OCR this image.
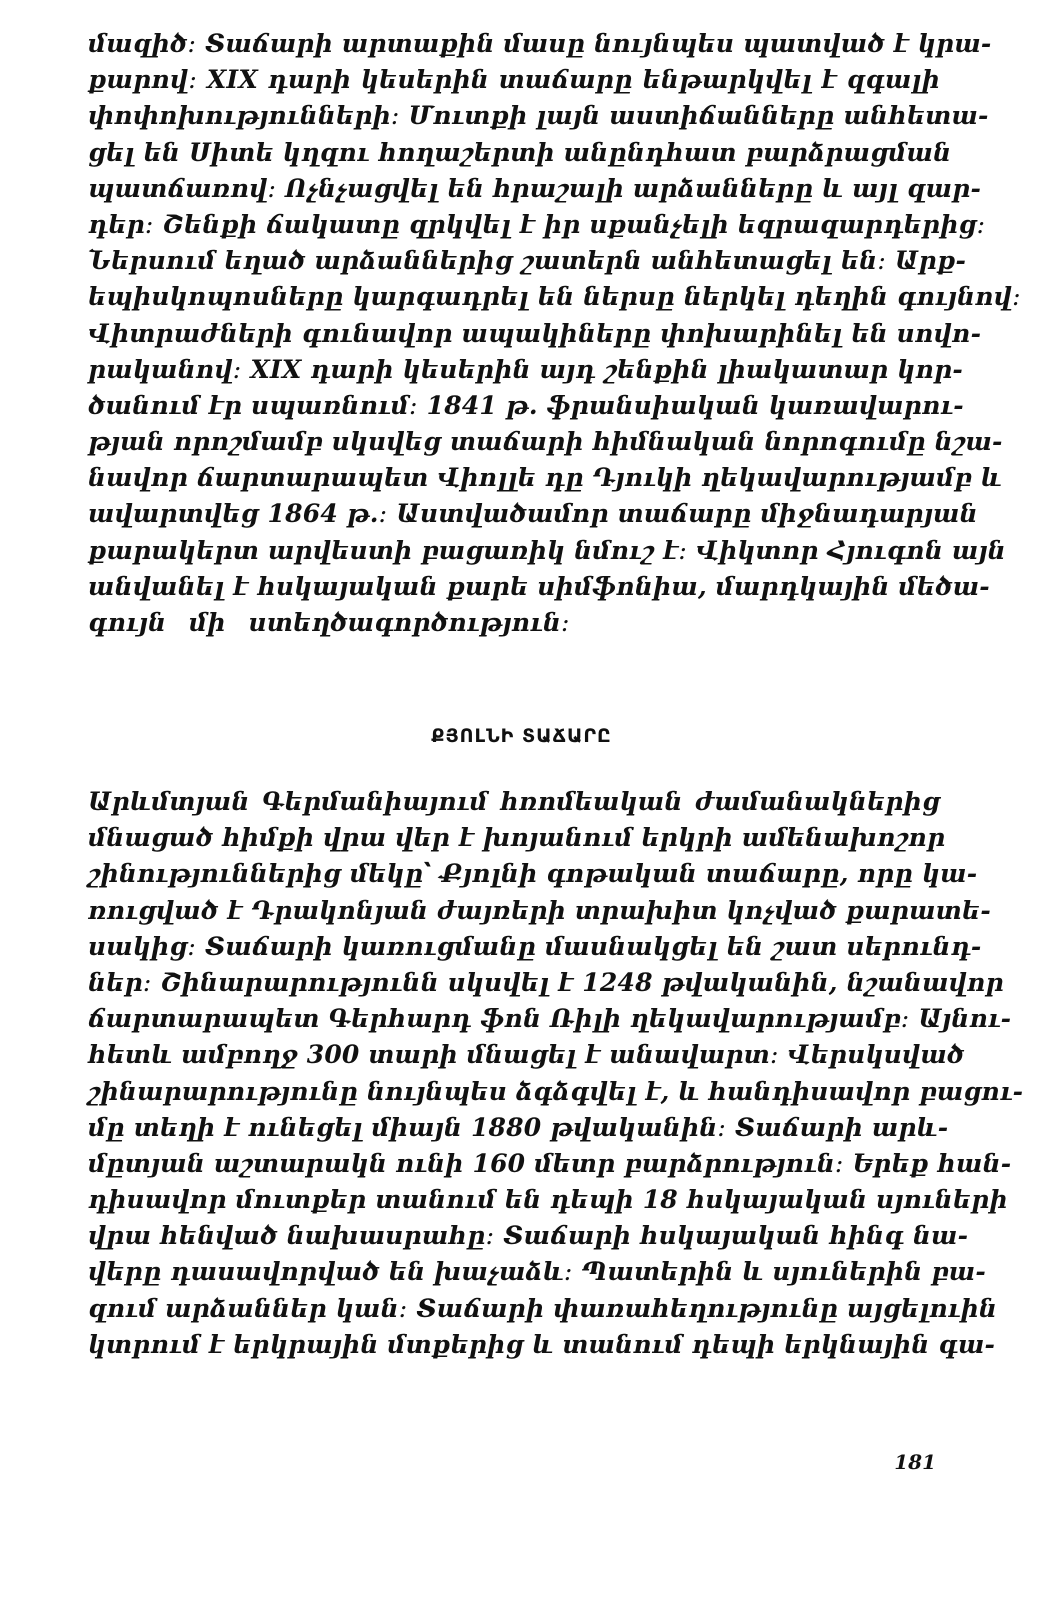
մազիծ։ Տաճարի արտաքին մասը նույնպես պատված է կրա-
քարով։ XIX դարի կեսերին տաճարը ենթարկվել է զգալի
փոփոխությունների։ Մուտքի լայն աստիճանները անհետա-
ցել են Սիտե կղզու հողաշերտի անընդհատ բարձրացման
պատճառով։ Ոչնչացվել են հրաշալի արձանները և այլ զար-
դեր։ Շենքի ճակատը զրկվել է իր սքանչելի եզրազարդերից։
Ներսում եղած արձաններից շատերն անհետացել են։ Արք-
եպիսկոպոսները կարգադրել են ներսը ներկել դեղին գույնով։
Վիտրաժների գունավոր ապակիները փոխարինել են սովո-
րականով։ XIX դարի կեսերին այդ շենքին լիակատար կոր-
ծանում էր սպառնում։ 1841 թ. ֆրանսիական կառավարու-
թյան որոշմամբ սկսվեց տաճարի հիմնական նորոգումը նշա-
նավոր ճարտարապետ Վիոլլե դը Դյուկի ղեկավարությամբ և
ավարտվեց 1864 թ.։ Աստվածամոր տաճարը միջնադարյան
քարակերտ արվեստի բացառիկ նմուշ է։ Վիկտոր Հյուգոն այն
անվանել է հսկայական քարե սիմֆոնիա, մարդկային մեծա-
գույն մի ստեղծագործություն։
ՔՅՈԼՆԻ ՏԱՃԱՐԸ
Արևմտյան Գերմանիայում հռոմեական ժամանակներից
մնացած հիմքի վրա վեր է խոյանում երկրի ամենախոշոր
շինություններից մեկը՝ Քյոլնի գոթական տաճարը, որը կա-
ռուցված է Դրակոնյան ժայռերի տրախիտ կոչված քարատե-
սակից։ Տաճարի կառուցմանը մասնակցել են շատ սերունդ-
ներ։ Շինարարությունն սկսվել է 1248 թվականին, նշանավոր
ճարտարապետ Գերհարդ ֆոն Ռիլի ղեկավարությամբ։ Այնու-
հետև ամբողջ 300 տարի մնացել է անավարտ։ Վերսկսված
շինարարությունը նույնպես ձգձգվել է, և հանդիսավոր բացու-
մը տեղի է ունեցել միայն 1880 թվականին։ Տաճարի արև-
մըտյան աշտարակն ունի 160 մետր բարձրություն։ Երեք հան-
դիսավոր մուտքեր տանում են դեպի 18 հսկայական սյուների
վրա հենված նախասրահը։ Տաճարի հսկայական հինգ նա-
վերը դասավորված են խաչաձև։ Պատերին և սյուներին բա-
զում արձաններ կան։ Տաճարի փառահեղությունը այցելուին
կտրում է երկրային մտքերից և տանում դեպի երկնային գա-
181
